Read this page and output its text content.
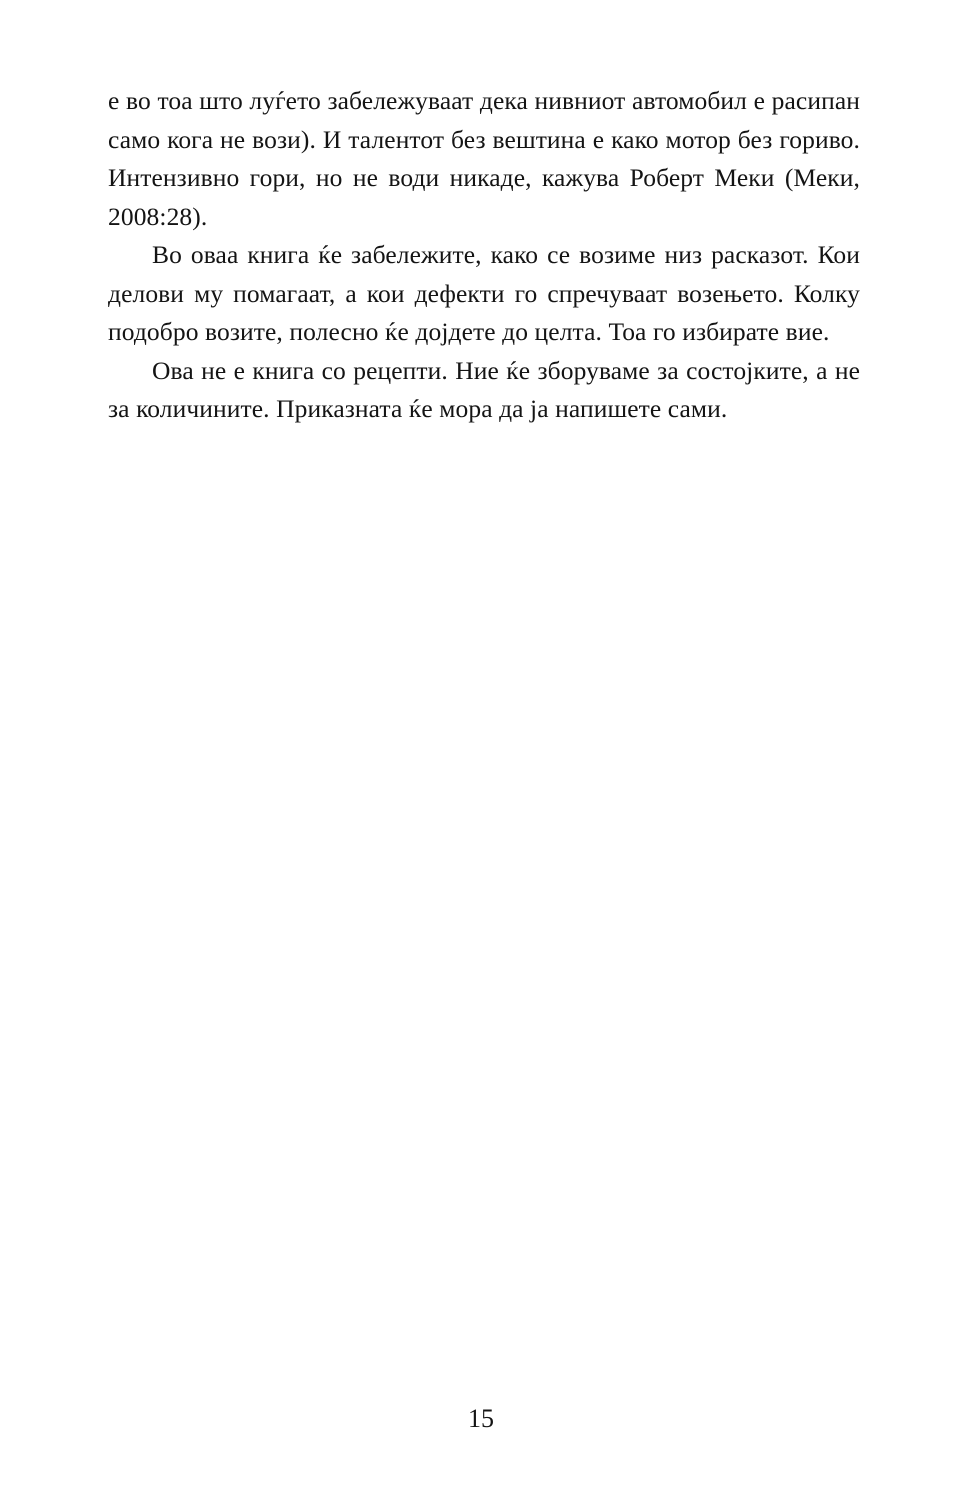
е во тоа што луѓето забележуваат дека нивниот автомобил е расипан само кога не вози). И талентот без вештина е како мотор без гориво. Интензивно гори, но не води никаде, кажува Роберт Меки (Меки, 2008:28).

Во оваа книга ќе забележите, како се возиме низ расказот. Кои делови му помагаат, а кои дефекти го спречуваат возењето. Колку подобро возите, полесно ќе дојдете до целта. Тоа го избирате вие.

Ова не е книга со рецепти. Ние ќе зборуваме за состојките, а не за количините. Приказната ќе мора да ја напишете сами.

15
